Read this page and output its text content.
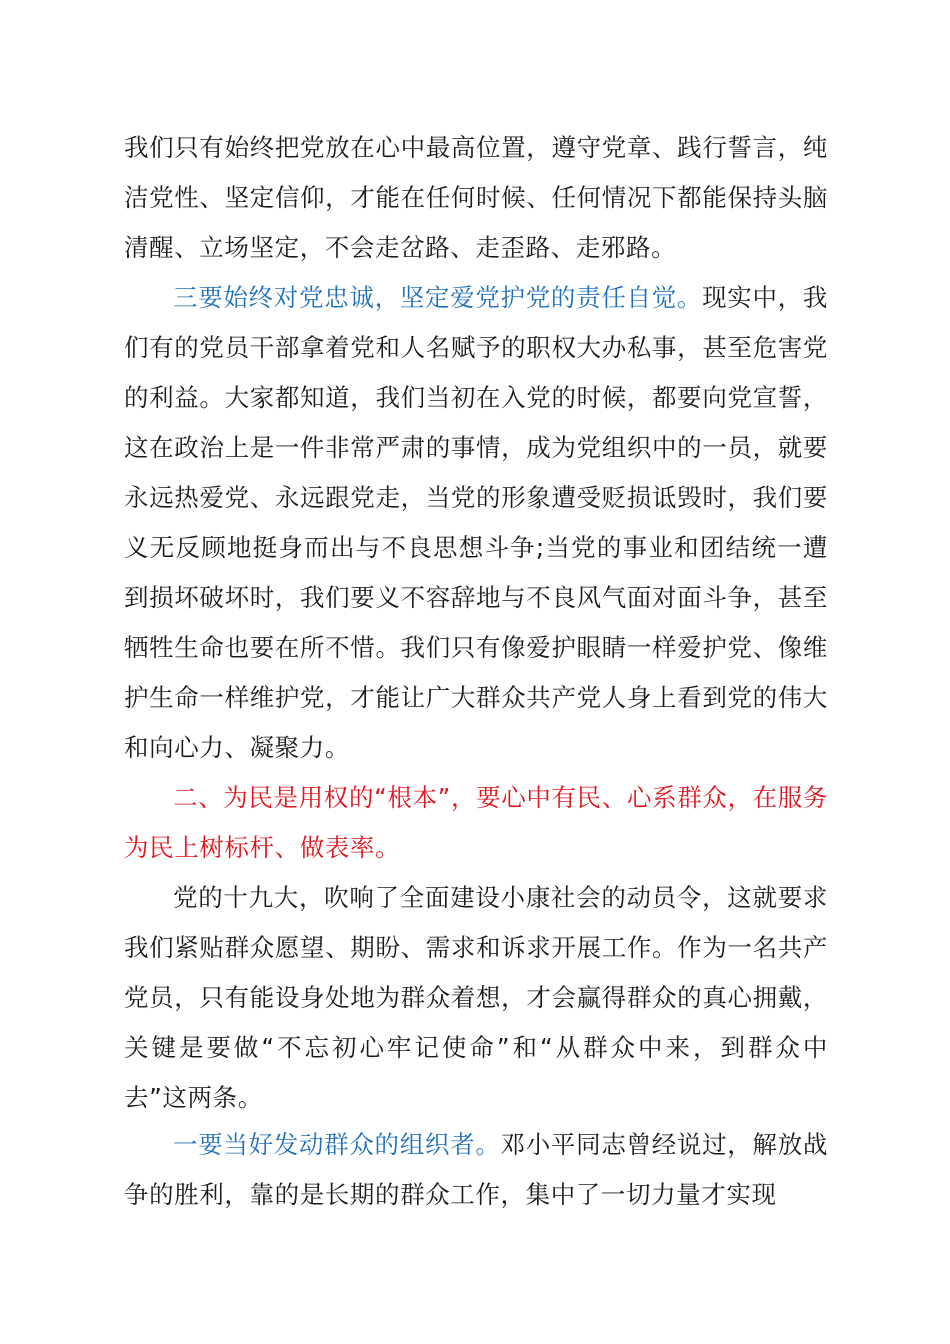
我们只有始终把党放在心中最高位置，遵守党章、践行誓言，纯洁党性、坚定信仰，才能在任何时候、任何情况下都能保持头脑清醒、立场坚定，不会走岔路、走歪路、走邪路。

三要始终对党忠诚，坚定爱党护党的责任自觉。现实中，我们有的党员干部拿着党和人名赋予的职权大办私事，甚至危害党的利益。大家都知道，我们当初在入党的时候，都要向党宣誓，这在政治上是一件非常严肃的事情，成为党组织中的一员，就要永远热爱党、永远跟党走，当党的形象遭受贬损诋毁时，我们要义无反顾地挺身而出与不良思想斗争;当党的事业和团结统一遭到损坏破坏时，我们要义不容辞地与不良风气面对面斗争，甚至牺牲生命也要在所不惜。我们只有像爱护眼睛一样爱护党、像维护生命一样维护党，才能让广大群众共产党人身上看到党的伟大和向心力、凝聚力。

二、为民是用权的“根本”，要心中有民、心系群众，在服务为民上树标杆、做表率。

党的十九大，吹响了全面建设小康社会的动员令，这就要求我们紧贴群众愿望、期盼、需求和诉求开展工作。作为一名共产党员，只有能设身处地为群众着想，才会赢得群众的真心拥戴，关键是要做“不忘初心牢记使命”和“从群众中来，到群众中去”这两条。

一要当好发动群众的组织者。邓小平同志曾经说过，解放战争的胜利，靠的是长期的群众工作，集中了一切力量才实现
